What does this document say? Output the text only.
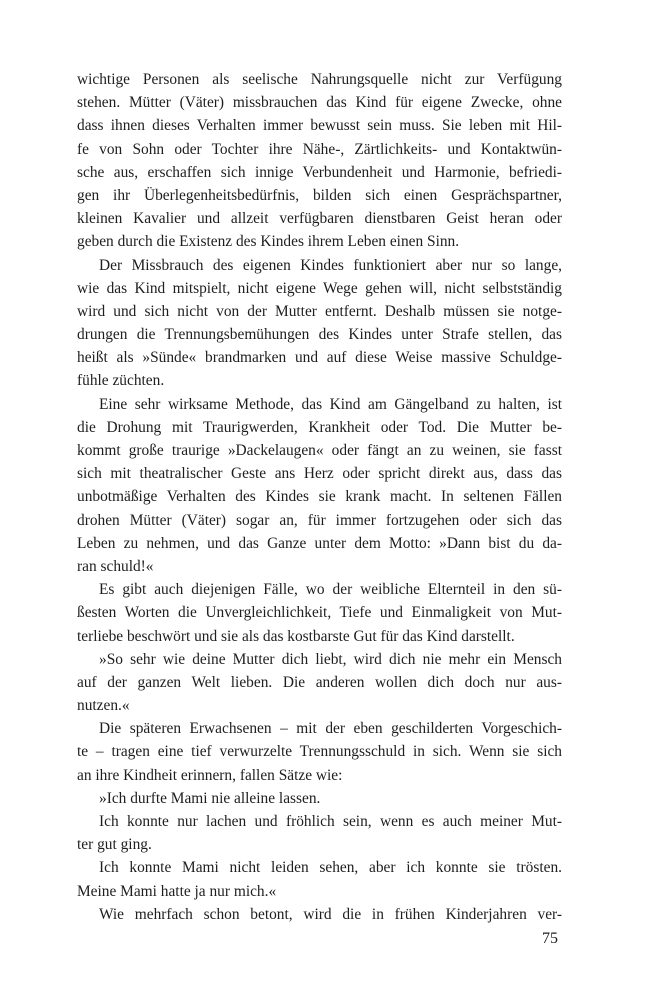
wichtige Personen als seelische Nahrungsquelle nicht zur Verfügung
stehen. Mütter (Väter) missbrauchen das Kind für eigene Zwecke, ohne
dass ihnen dieses Verhalten immer bewusst sein muss. Sie leben mit Hil-
fe von Sohn oder Tochter ihre Nähe-, Zärtlichkeits- und Kontaktwün-
sche aus, erschaffen sich innige Verbundenheit und Harmonie, befriedi-
gen ihr Überlegenheitsbedürfnis, bilden sich einen Gesprächspartner,
kleinen Kavalier und allzeit verfügbaren dienstbaren Geist heran oder
geben durch die Existenz des Kindes ihrem Leben einen Sinn.
Der Missbrauch des eigenen Kindes funktioniert aber nur so lange,
wie das Kind mitspielt, nicht eigene Wege gehen will, nicht selbstständig
wird und sich nicht von der Mutter entfernt. Deshalb müssen sie notge-
drungen die Trennungsbemühungen des Kindes unter Strafe stellen, das
heißt als »Sünde« brandmarken und auf diese Weise massive Schuldge-
fühle züchten.
Eine sehr wirksame Methode, das Kind am Gängelband zu halten, ist
die Drohung mit Traurigwerden, Krankheit oder Tod. Die Mutter be-
kommt große traurige »Dackelaugen« oder fängt an zu weinen, sie fasst
sich mit theatralischer Geste ans Herz oder spricht direkt aus, dass das
unbotmäßige Verhalten des Kindes sie krank macht. In seltenen Fällen
drohen Mütter (Väter) sogar an, für immer fortzugehen oder sich das
Leben zu nehmen, und das Ganze unter dem Motto: »Dann bist du da-
ran schuld!«
Es gibt auch diejenigen Fälle, wo der weibliche Elternteil in den sü-
ßesten Worten die Unvergleichlichkeit, Tiefe und Einmaligkeit von Mut-
terliebe beschwört und sie als das kostbarste Gut für das Kind darstellt.
»So sehr wie deine Mutter dich liebt, wird dich nie mehr ein Mensch
auf der ganzen Welt lieben. Die anderen wollen dich doch nur aus-
nutzen.«
Die späteren Erwachsenen – mit der eben geschilderten Vorgeschich-
te – tragen eine tief verwurzelte Trennungsschuld in sich. Wenn sie sich
an ihre Kindheit erinnern, fallen Sätze wie:
»Ich durfte Mami nie alleine lassen.
Ich konnte nur lachen und fröhlich sein, wenn es auch meiner Mut-
ter gut ging.
Ich konnte Mami nicht leiden sehen, aber ich konnte sie trösten.
Meine Mami hatte ja nur mich.«
Wie mehrfach schon betont, wird die in frühen Kinderjahren ver-
75
